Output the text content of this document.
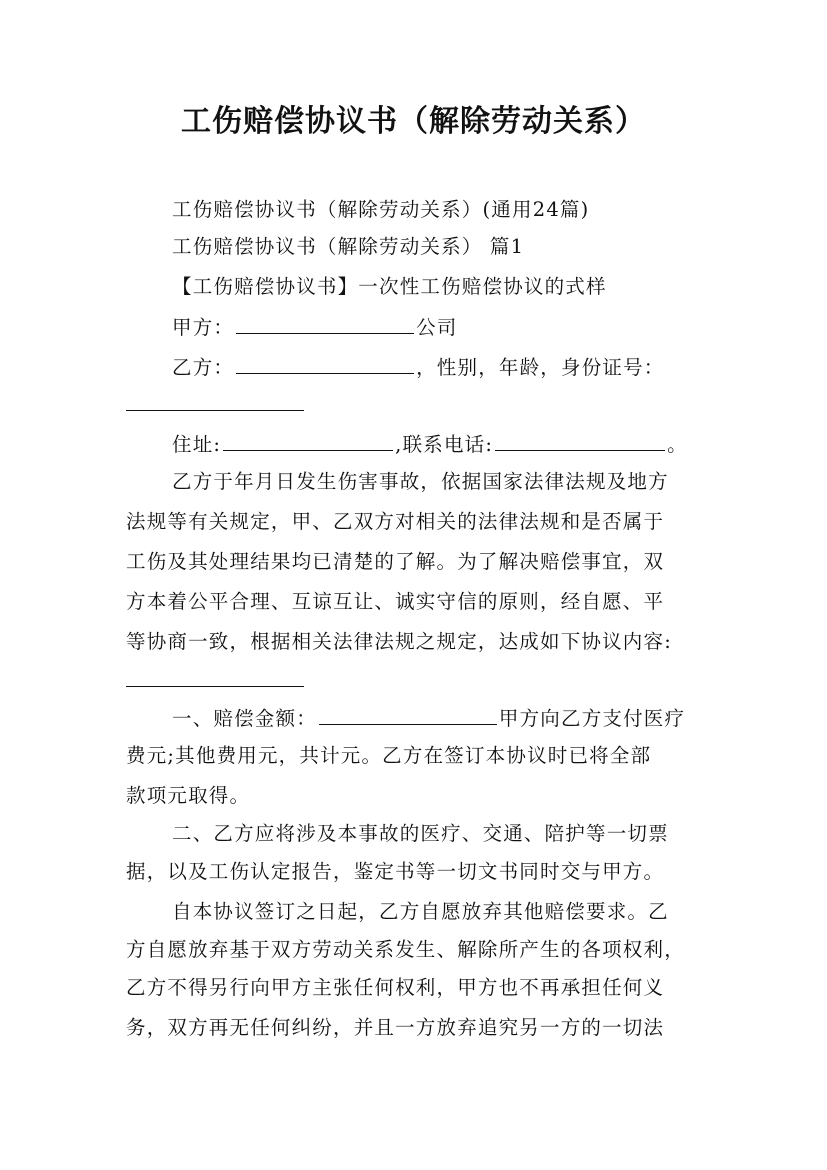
工伤赔偿协议书（解除劳动关系）
工伤赔偿协议书（解除劳动关系）(通用24篇)
工伤赔偿协议书（解除劳动关系） 篇1
【工伤赔偿协议书】一次性工伤赔偿协议的式样
甲方：	公司
乙方：	，性别，年龄，身份证号：
住址:	,联系电话:	。
乙方于年月日发生伤害事故，依据国家法律法规及地方
法规等有关规定，甲、乙双方对相关的法律法规和是否属于
工伤及其处理结果均已清楚的了解。为了解决赔偿事宜，双
方本着公平合理、互谅互让、诚实守信的原则，经自愿、平
等协商一致，根据相关法律法规之规定，达成如下协议内容:
一、赔偿金额：	甲方向乙方支付医疗
费元;其他费用元，共计元。乙方在签订本协议时已将全部
款项元取得。
二、乙方应将涉及本事故的医疗、交通、陪护等一切票
据，以及工伤认定报告，鉴定书等一切文书同时交与甲方。
自本协议签订之日起，乙方自愿放弃其他赔偿要求。乙
方自愿放弃基于双方劳动关系发生、解除所产生的各项权利，
乙方不得另行向甲方主张任何权利，甲方也不再承担任何义
务，双方再无任何纠纷，并且一方放弃追究另一方的一切法
